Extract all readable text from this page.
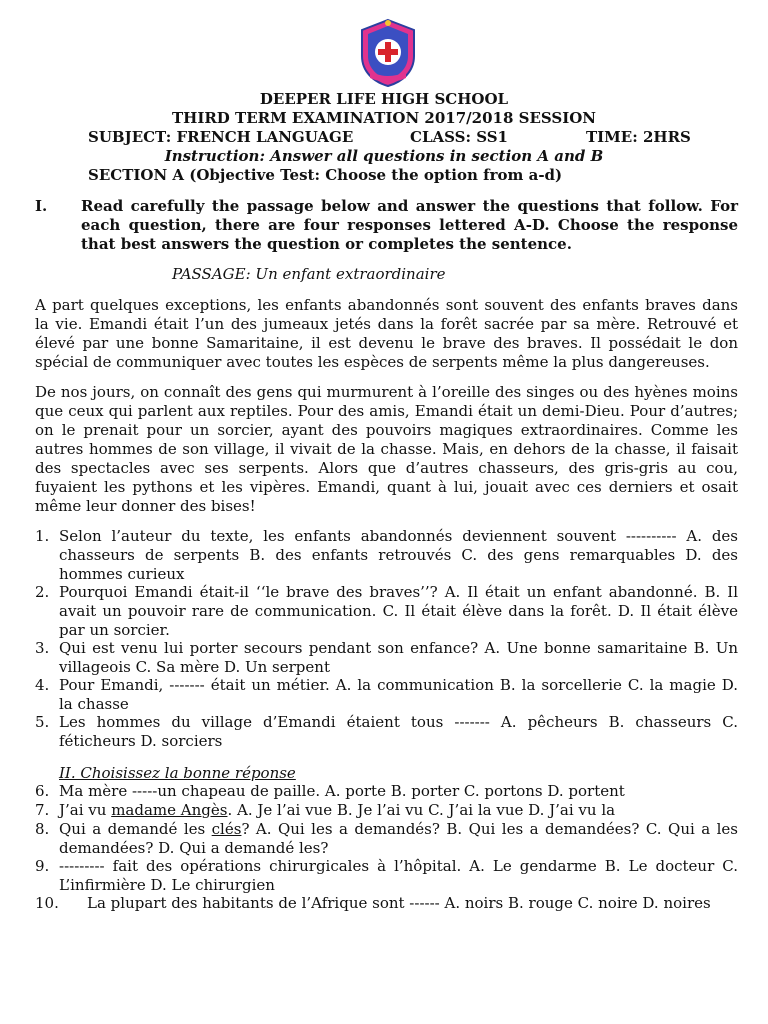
DEEPER LIFE HIGH SCHOOL
THIRD TERM EXAMINATION 2017/2018 SESSION
SUBJECT: FRENCH LANGUAGE	CLASS: SS1	TIME: 2HRS
Instruction: Answer all questions in section A and B
SECTION A (Objective Test: Choose the option from a-d)
I. Read carefully the passage below and answer the questions that follow. For each question, there are four responses lettered A-D. Choose the response that best answers the question or completes the sentence.
PASSAGE: Un enfant extraordinaire
A part quelques exceptions, les enfants abandonnés sont souvent des enfants braves dans la vie. Emandi était l’un des jumeaux jetés dans la forêt sacrée par sa mère. Retrouvé et élevé par une bonne Samaritaine, il est devenu le brave des braves. Il possédait le don spécial de communiquer avec toutes les espèces de serpents même la plus dangereuses.
De nos jours, on connaît des gens qui murmurent à l’oreille des singes ou des hyènes moins que ceux qui parlent aux reptiles. Pour des amis, Emandi était un demi-Dieu. Pour d’autres; on le prenait pour un sorcier, ayant des pouvoirs magiques extraordinaires. Comme les autres hommes de son village, il vivait de la chasse. Mais, en dehors de la chasse, il faisait des spectacles avec ses serpents. Alors que d’autres chasseurs, des gris-gris au cou, fuyaient les pythons et les vipères. Emandi, quant à lui, jouait avec ces derniers et osait même leur donner des bises!
1. Selon l’auteur du texte, les enfants abandonnés deviennent souvent ---------- A. des chasseurs de serpents B. des enfants retrouvés C. des gens remarquables D. des hommes curieux
2. Pourquoi Emandi était-il ‘‘le brave des braves’’? A. Il était un enfant abandonné. B. Il avait un pouvoir rare de communication. C. Il était élève dans la forêt. D. Il était élève par un sorcier.
3. Qui est venu lui porter secours pendant son enfance? A. Une bonne samaritaine B. Un villageois C. Sa mère D. Un serpent
4. Pour Emandi, ------- était un métier. A. la communication B. la sorcellerie C. la magie D. la chasse
5. Les hommes du village d’Emandi étaient tous ------- A. pêcheurs B. chasseurs C. féticheurs D. sorciers
II. Choisissez la bonne réponse
6. Ma mère -----un chapeau de paille. A. porte B. porter C. portons D. portent
7. J’ai vu madame Angès. A. Je l’ai vue B. Je l’ai vu C. J’ai la vue D. J’ai vu la
8. Qui a demandé les clés? A. Qui les a demandés? B. Qui les a demandées? C. Qui a les demandées? D. Qui a demandé les?
9. --------- fait des opérations chirurgicales à l’hôpital. A. Le gendarme B. Le docteur C. L’infirmière D. Le chirurgien
10.	La plupart des habitants de l’Afrique sont ------ A. noirs B. rouge C. noire D. noires
